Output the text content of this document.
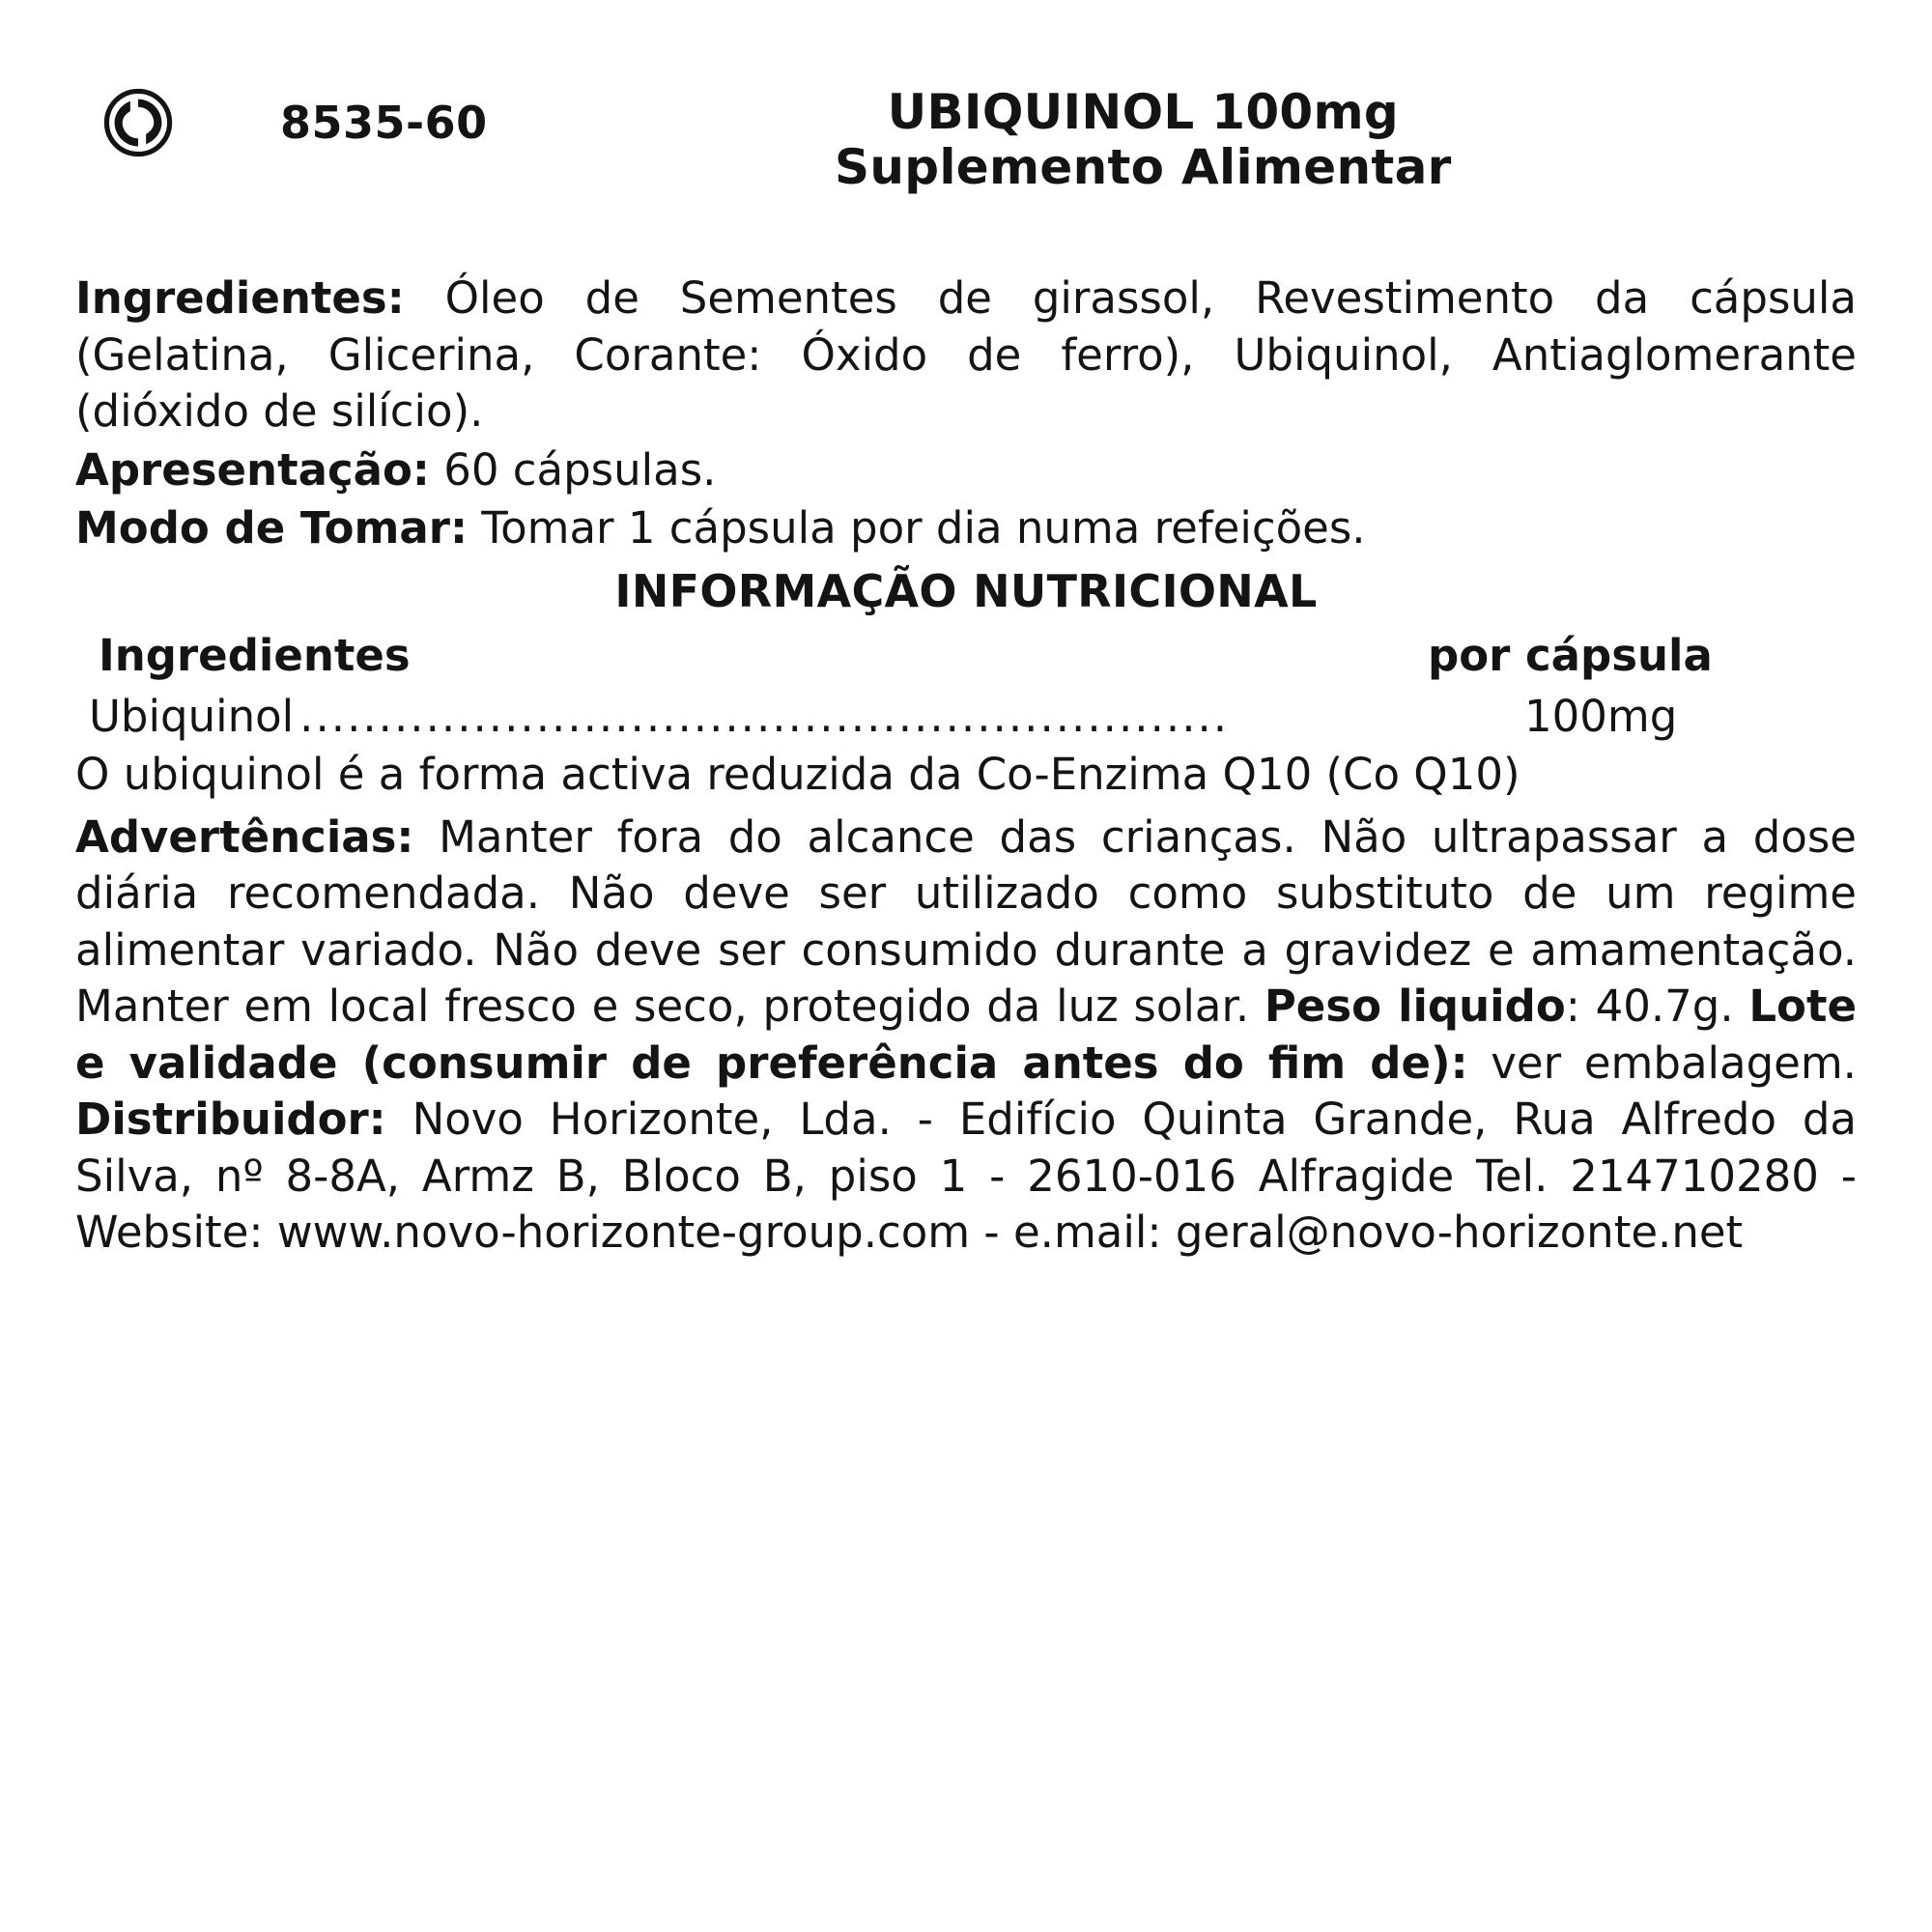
8535-60	UBIQUINOL 100mg
Suplemento Alimentar

Ingredientes: Óleo de Sementes de girassol, Revestimento da cápsula (Gelatina, Glicerina, Corante: Óxido de ferro), Ubiquinol, Antiaglomerante (dióxido de silício).

Apresentação: 60 cápsulas.

Modo de Tomar: Tomar 1 cápsula por dia numa refeições.

INFORMAÇÃO NUTRICIONAL
Ingredientes	por cápsula
Ubiquinol ...........................................................	100mg
O ubiquinol é a forma activa reduzida da Co-Enzima Q10 (Co Q10)
Advertências: Manter fora do alcance das crianças. Não ultrapassar a dose diária recomendada. Não deve ser utilizado como substituto de um regime alimentar variado. Não deve ser consumido durante a gravidez e amamentação. Manter em local fresco e seco, protegido da luz solar. Peso liquido: 40.7g. Lote e validade (consumir de preferência antes do fim de): ver embalagem. Distribuidor: Novo Horizonte, Lda. - Edifício Quinta Grande, Rua Alfredo da Silva, nº 8-8A, Armz B, Bloco B, piso 1 - 2610-016 Alfragide Tel. 214710280 - Website: www.novo-horizonte-group.com - e.mail: geral@novo-horizonte.net
